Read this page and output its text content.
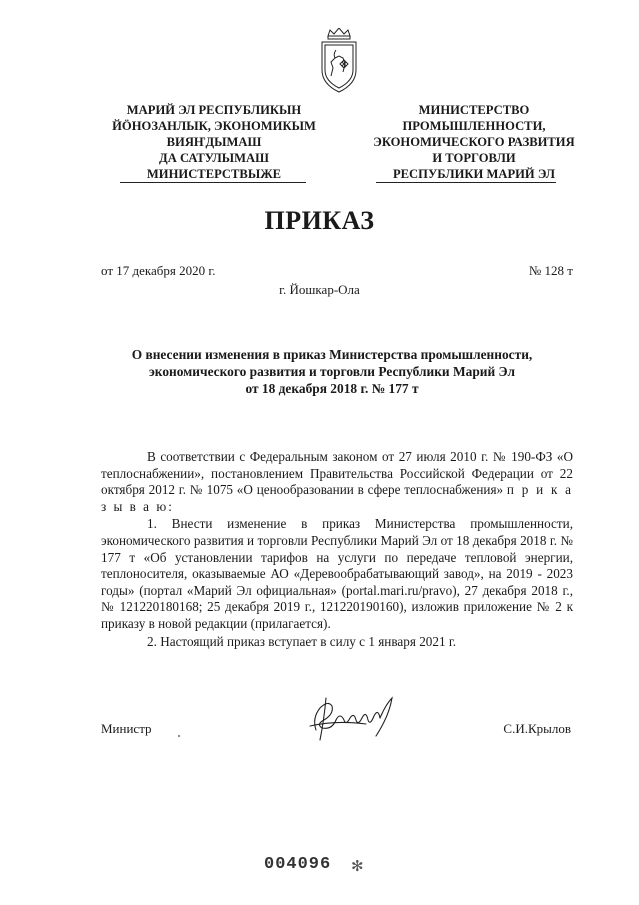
МАРИЙ ЭЛ РЕСПУБЛИКЫН
ЙӦНОЗАНЛЫК, ЭКОНОМИКЫМ
ВИЯҤДЫМАШ
ДА САТУЛЫМАШ
МИНИСТЕРСТВЫЖЕ
МИНИСТЕРСТВО
ПРОМЫШЛЕННОСТИ,
ЭКОНОМИЧЕСКОГО РАЗВИТИЯ
И ТОРГОВЛИ
РЕСПУБЛИКИ МАРИЙ ЭЛ
ПРИКАЗ
от 17 декабря 2020 г.	№ 128 т
г. Йошкар-Ола
О внесении изменения в приказ Министерства промышленности,
экономического развития и торговли Республики Марий Эл
от 18 декабря 2018 г. № 177 т

В соответствии с Федеральным законом от 27 июля 2010 г. № 190-ФЗ «О теплоснабжении», постановлением Правительства Российской Федерации от 22 октября 2012 г. № 1075 «О ценообразовании в сфере теплоснабжения» п р и к а з ы в а ю:

1. Внести изменение в приказ Министерства промышленности, экономического развития и торговли Республики Марий Эл от 18 декабря 2018 г. № 177 т «Об установлении тарифов на услуги по передаче тепловой энергии, теплоносителя, оказываемые АО «Деревообрабатывающий завод», на 2019 - 2023 годы» (портал «Марий Эл официальная» (portal.mari.ru/pravo), 27 декабря 2018 г., № 121220180168; 25 декабря 2019 г., 121220190160), изложив приложение № 2 к приказу в новой редакции (прилагается).

2. Настоящий приказ вступает в силу с 1 января 2021 г.

Министр	С.И.Крылов
004096 ✻
